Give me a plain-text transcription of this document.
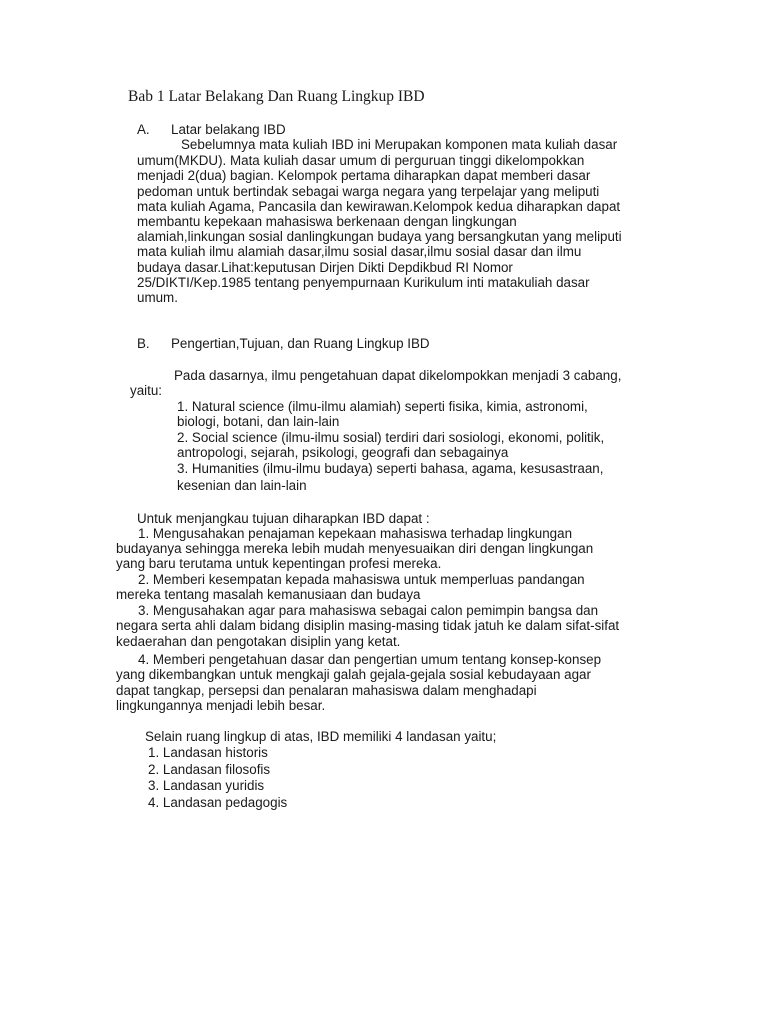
Bab 1 Latar Belakang Dan Ruang Lingkup IBD
A. Latar belakang IBD
Sebelumnya mata kuliah IBD ini Merupakan komponen mata kuliah dasar
umum(MKDU). Mata kuliah dasar umum di perguruan tinggi dikelompokkan
menjadi 2(dua) bagian. Kelompok pertama diharapkan dapat memberi dasar
pedoman untuk bertindak sebagai warga negara yang terpelajar yang meliputi
mata kuliah Agama, Pancasila dan kewirawan.Kelompok kedua diharapkan dapat
membantu kepekaan mahasiswa berkenaan dengan lingkungan
alamiah,linkungan sosial danlingkungan budaya yang bersangkutan yang meliputi
mata kuliah ilmu alamiah dasar,ilmu sosial dasar,ilmu sosial dasar dan ilmu
budaya dasar.Lihat:keputusan Dirjen Dikti Depdikbud RI Nomor
25/DIKTI/Kep.1985 tentang penyempurnaan Kurikulum inti matakuliah dasar
umum.
B. Pengertian,Tujuan, dan Ruang Lingkup IBD
Pada dasarnya, ilmu pengetahuan dapat dikelompokkan menjadi 3 cabang,
yaitu:
1. Natural science (ilmu-ilmu alamiah) seperti fisika, kimia, astronomi,
biologi, botani, dan lain-lain
2. Social science (ilmu-ilmu sosial) terdiri dari sosiologi, ekonomi, politik,
antropologi, sejarah, psikologi, geografi dan sebagainya
3. Humanities (ilmu-ilmu budaya) seperti bahasa, agama, kesusastraan,
kesenian dan lain-lain
Untuk menjangkau tujuan diharapkan IBD dapat :
1. Mengusahakan penajaman kepekaan mahasiswa terhadap lingkungan
budayanya sehingga mereka lebih mudah menyesuaikan diri dengan lingkungan
yang baru terutama untuk kepentingan profesi mereka.
2. Memberi kesempatan kepada mahasiswa untuk memperluas pandangan
mereka tentang masalah kemanusiaan dan budaya
3. Mengusahakan agar para mahasiswa sebagai calon pemimpin bangsa dan
negara serta ahli dalam bidang disiplin masing-masing tidak jatuh ke dalam sifat-sifat
kedaerahan dan pengotakan disiplin yang ketat.
4. Memberi pengetahuan dasar dan pengertian umum tentang konsep-konsep
yang dikembangkan untuk mengkaji galah gejala-gejala sosial kebudayaan agar
dapat tangkap, persepsi dan penalaran mahasiswa dalam menghadapi
lingkungannya menjadi lebih besar.
Selain ruang lingkup di atas, IBD memiliki 4 landasan yaitu;
1. Landasan historis
2. Landasan filosofis
3. Landasan yuridis
4. Landasan pedagogis
